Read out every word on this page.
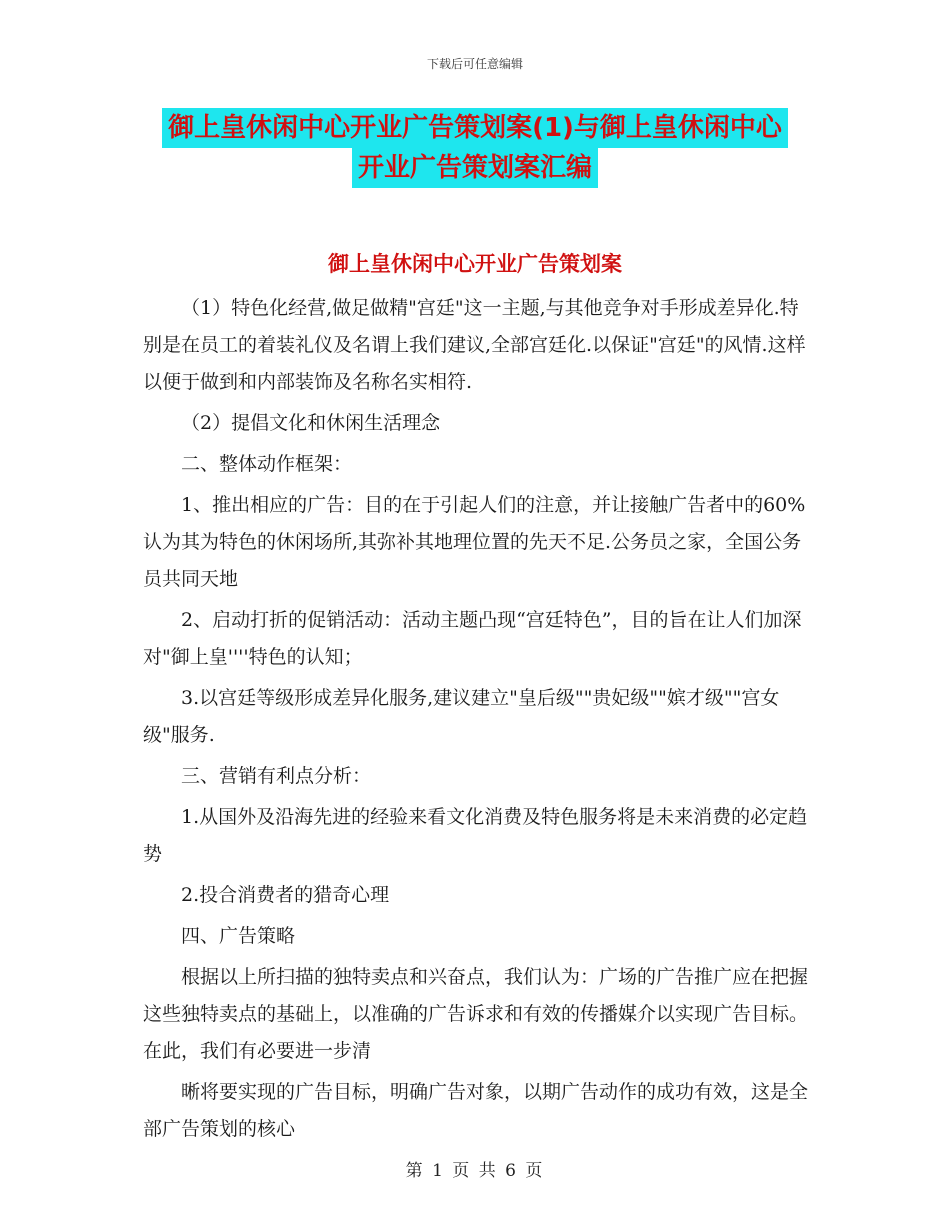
下载后可任意编辑
御上皇休闲中心开业广告策划案(1)与御上皇休闲中心
开业广告策划案汇编
御上皇休闲中心开业广告策划案

（1）特色化经营,做足做精"宫廷"这一主题,与其他竞争对手形成差异化.特别是在员工的着装礼仪及名谓上我们建议,全部宫廷化.以保证"宫廷"的风情.这样以便于做到和内部装饰及名称名实相符.

（2）提倡文化和休闲生活理念

二、整体动作框架：

1、推出相应的广告：目的在于引起人们的注意，并让接触广告者中的60%认为其为特色的休闲场所,其弥补其地理位置的先天不足.公务员之家，全国公务员共同天地

2、启动打折的促销活动：活动主题凸现“宫廷特色”，目的旨在让人们加深对"御上皇''''特色的认知；

3.以宫廷等级形成差异化服务,建议建立"皇后级""贵妃级""嫔才级""宫女级"服务.

三、营销有利点分析：

1.从国外及沿海先进的经验来看文化消费及特色服务将是未来消费的必定趋势

2.投合消费者的猎奇心理

四、广告策略

根据以上所扫描的独特卖点和兴奋点，我们认为：广场的广告推广应在把握这些独特卖点的基础上，以准确的广告诉求和有效的传播媒介以实现广告目标。在此，我们有必要进一步清

晰将要实现的广告目标，明确广告对象，以期广告动作的成功有效，这是全部广告策划的核心

第 1 页 共 6 页
